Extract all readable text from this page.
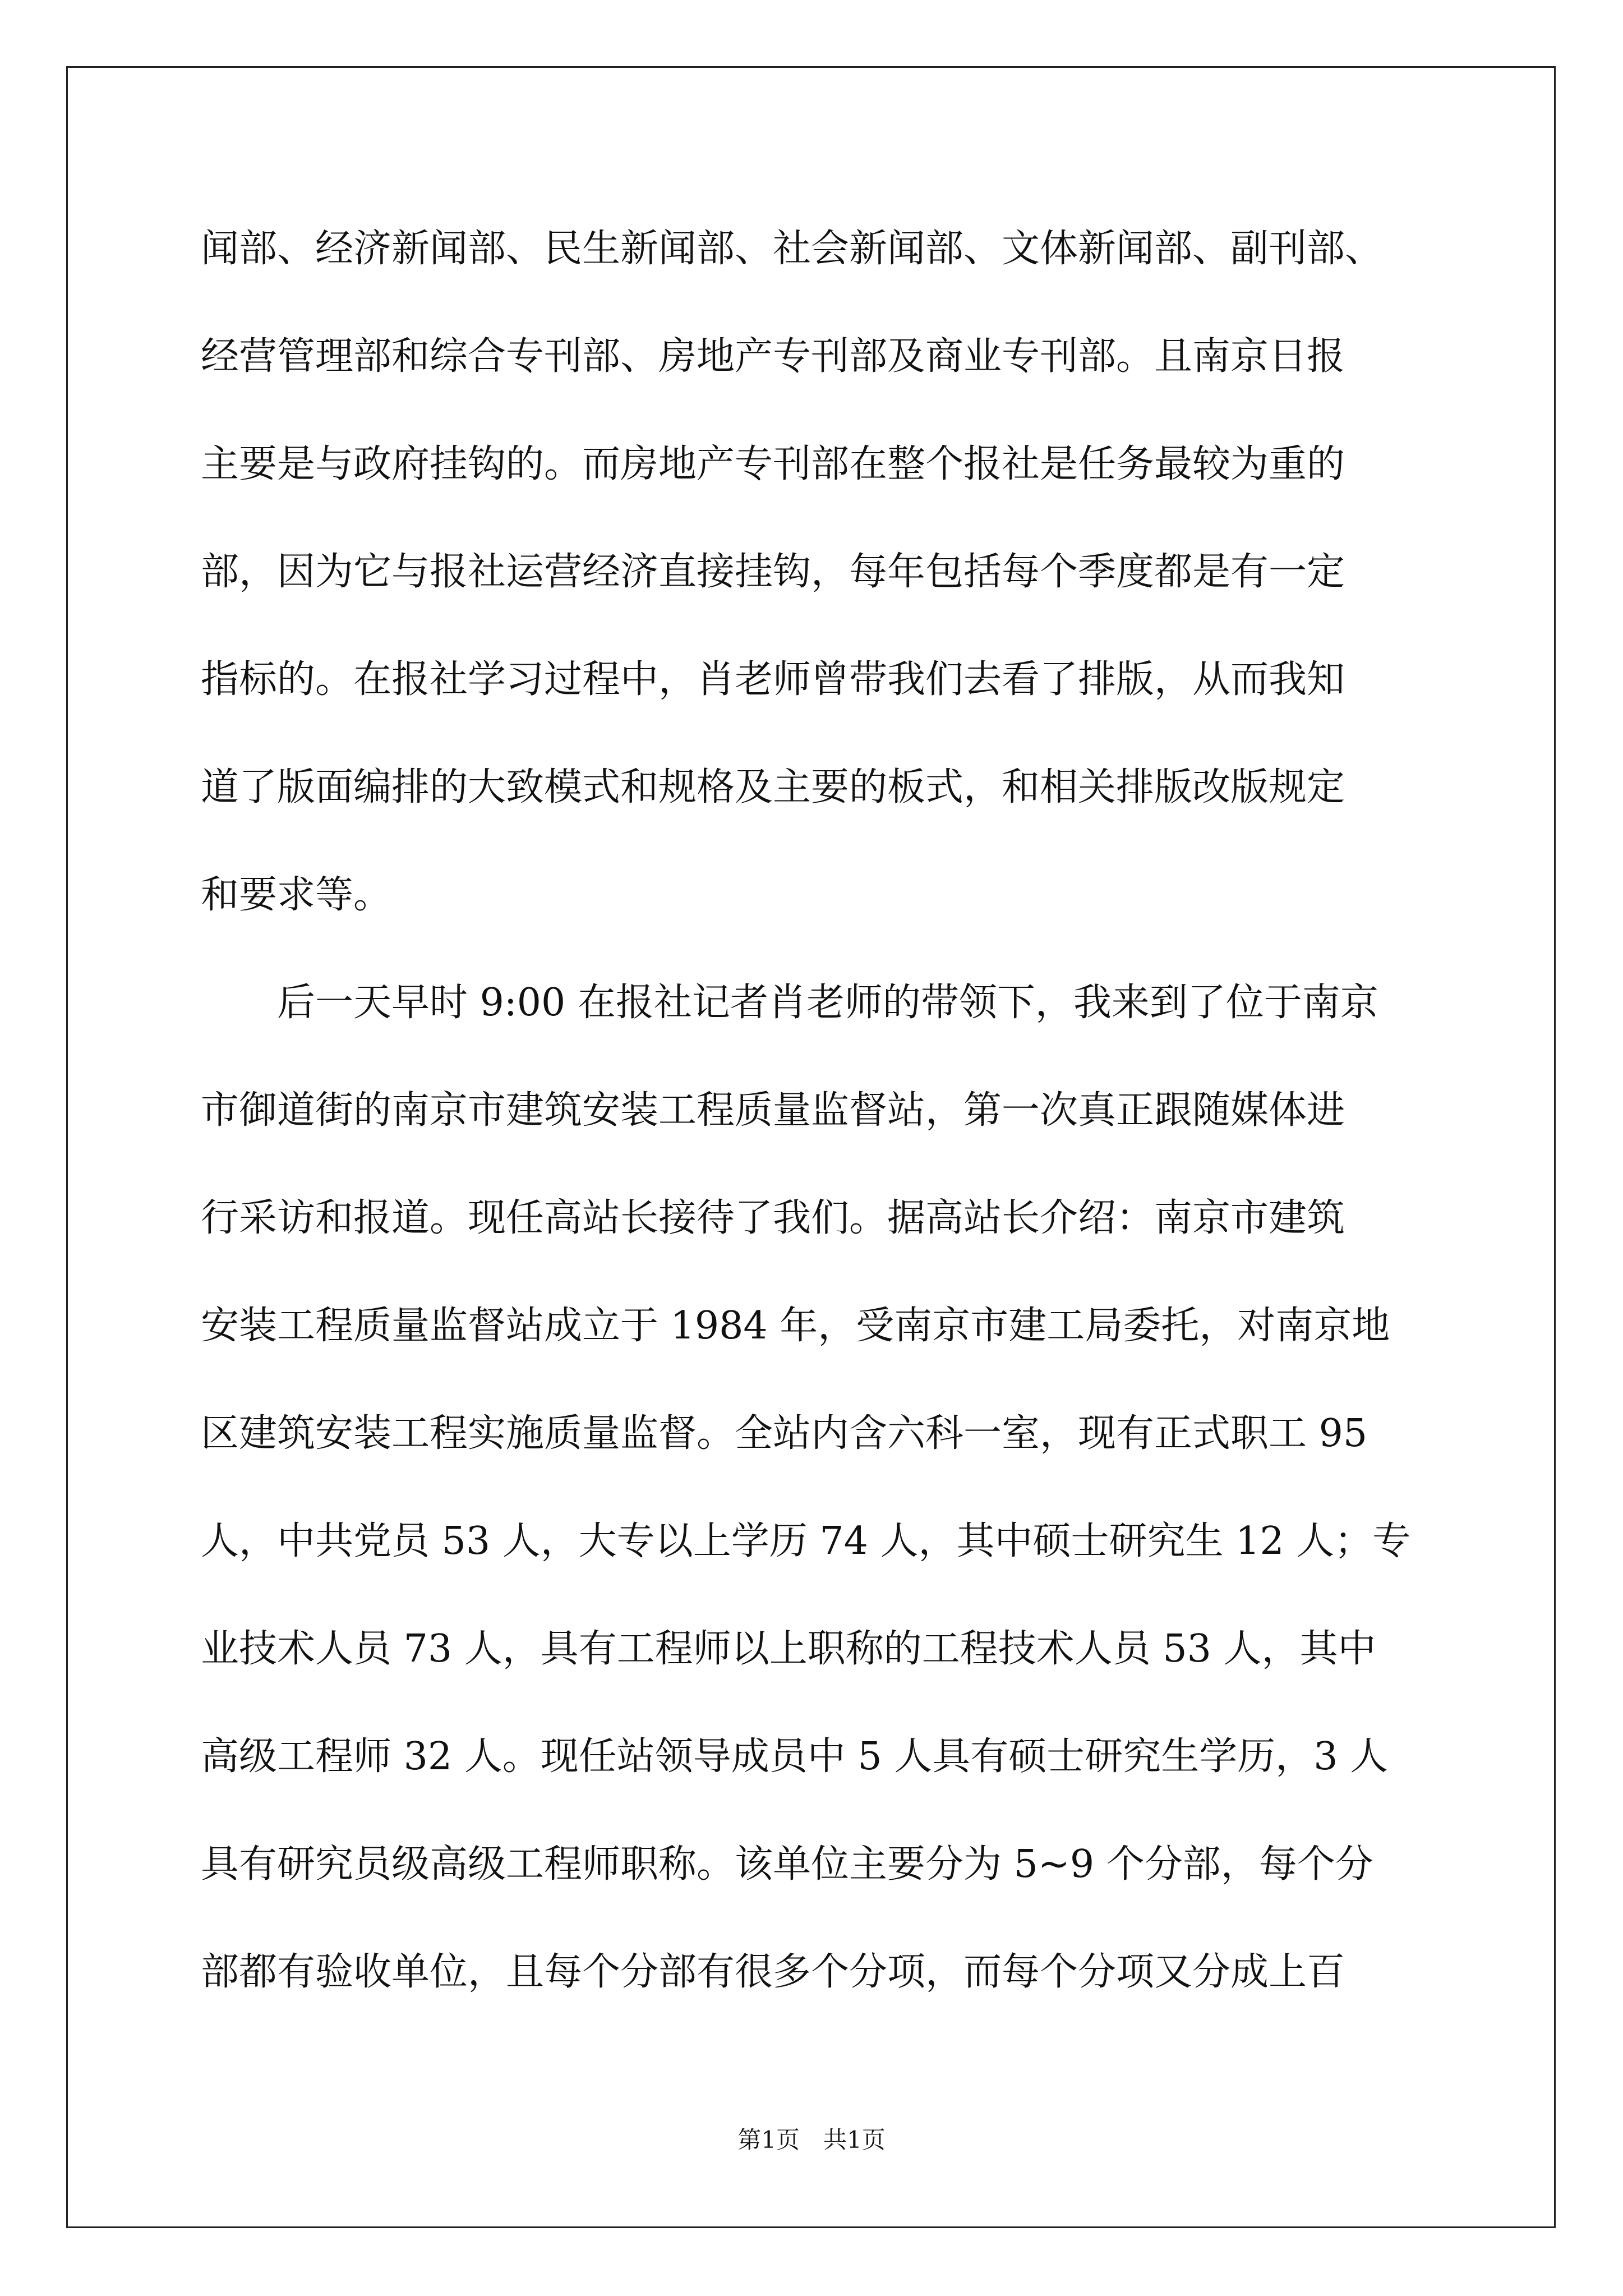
闻部、经济新闻部、民生新闻部、社会新闻部、文体新闻部、副刊部、
经营管理部和综合专刊部、房地产专刊部及商业专刊部。且南京日报
主要是与政府挂钩的。而房地产专刊部在整个报社是任务最较为重的
部，因为它与报社运营经济直接挂钩，每年包括每个季度都是有一定
指标的。在报社学习过程中，肖老师曾带我们去看了排版，从而我知
道了版面编排的大致模式和规格及主要的板式，和相关排版改版规定
和要求等。
后一天早时 9:00 在报社记者肖老师的带领下，我来到了位于南京
市御道街的南京市建筑安装工程质量监督站，第一次真正跟随媒体进
行采访和报道。现任高站长接待了我们。据高站长介绍：南京市建筑
安装工程质量监督站成立于 1984 年，受南京市建工局委托，对南京地
区建筑安装工程实施质量监督。全站内含六科一室，现有正式职工 95
人，中共党员 53 人，大专以上学历 74 人，其中硕士研究生 12 人；专
业技术人员 73 人，具有工程师以上职称的工程技术人员 53 人，其中
高级工程师 32 人。现任站领导成员中 5 人具有硕士研究生学历，3 人
具有研究员级高级工程师职称。该单位主要分为 5~9 个分部，每个分
部都有验收单位，且每个分部有很多个分项，而每个分项又分成上百
第1页　共1页
